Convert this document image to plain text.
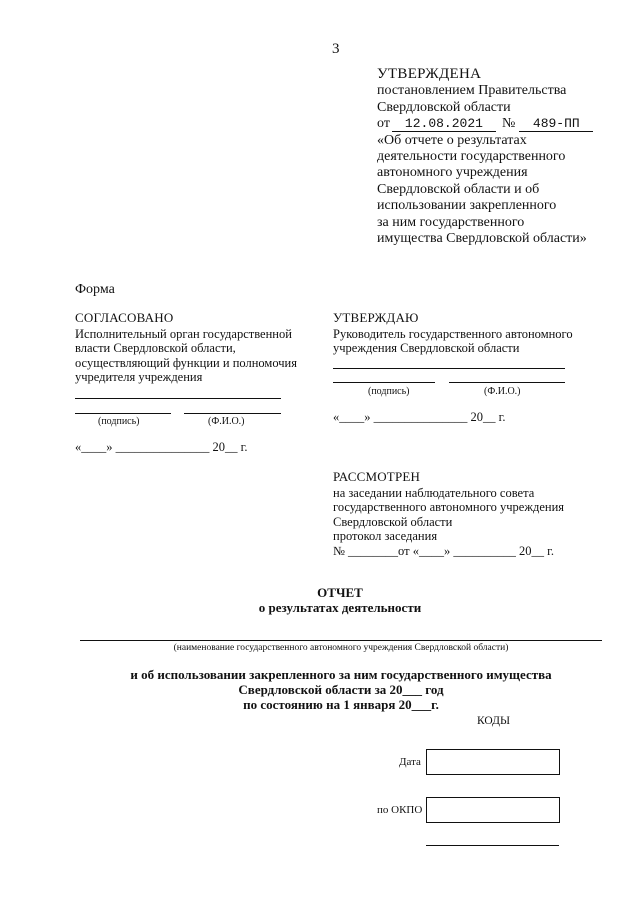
3
УТВЕРЖДЕНА
постановлением Правительства
Свердловской области
от	12.08.2021	№	489-ПП
«Об отчете о результатах
деятельности государственного
автономного учреждения
Свердловской области и об
использовании закрепленного
за ним государственного
имущества Свердловской области»
Форма
СОГЛАСОВАНО
Исполнительный орган государственной
власти Свердловской области,
осуществляющий функции и полномочия
учредителя учреждения
(подпись)	(Ф.И.О.)
«____» _______________ 20__ г.
УТВЕРЖДАЮ
Руководитель государственного автономного
учреждения Свердловской области
(подпись)	(Ф.И.О.)
«____» _______________ 20__ г.
РАССМОТРЕН
на заседании наблюдательного совета
государственного автономного учреждения
Свердловской области
протокол заседания
№ ________от «____» __________ 20__ г.
ОТЧЕТ
о результатах деятельности
(наименование государственного автономного учреждения Свердловской области)
и об использовании закрепленного за ним государственного имущества
Свердловской области за 20___ год
по состоянию на 1 января 20___г.
КОДЫ
Дата
по ОКПО
